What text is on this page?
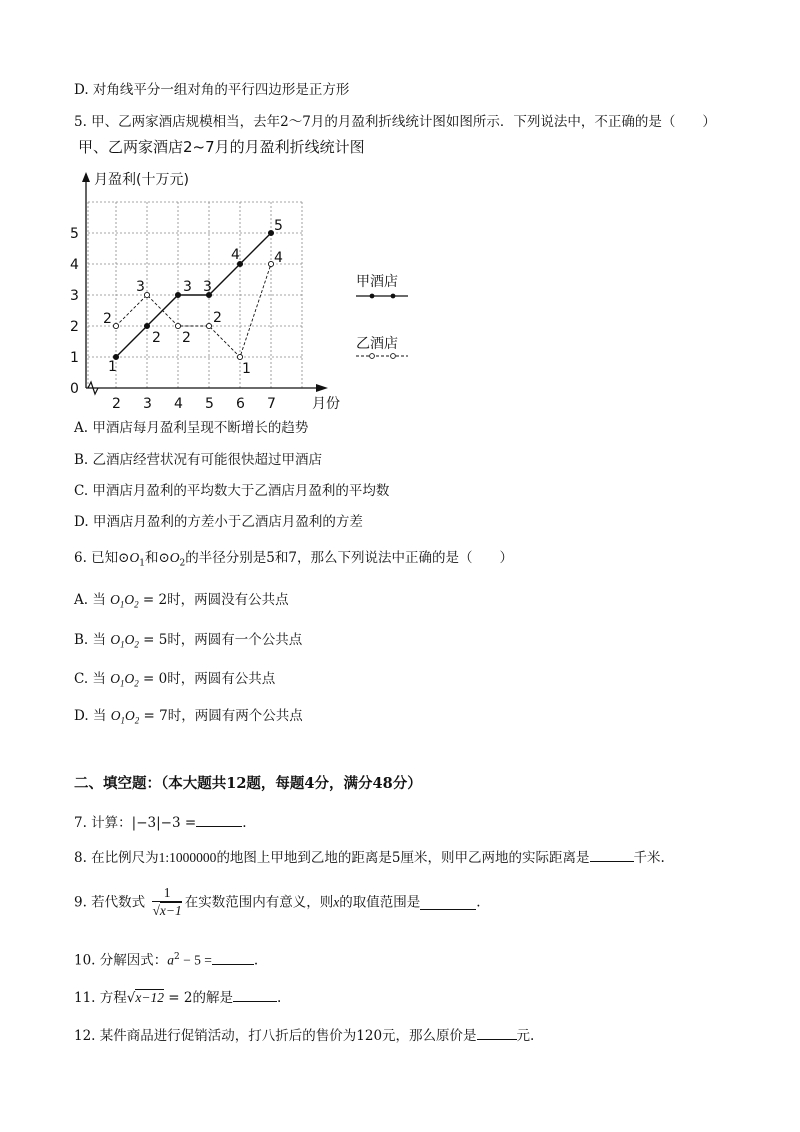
D. 对角线平分一组对角的平行四边形是正方形
5. 甲、乙两家酒店规模相当，去年2～7月的月盈利折线统计图如图所示．下列说法中，不正确的是（　　）
甲、乙两家酒店2~7月的月盈利折线统计图
月盈利(十万元)
月份
0
1
2
3
4
5
2 3 4 5 6 7
1
2
3 3
4
5
2
3
2
2
1
4
甲酒店
乙酒店
A. 甲酒店每月盈利呈现不断增长的趋势
B. 乙酒店经营状况有可能很快超过甲酒店
C. 甲酒店月盈利的平均数大于乙酒店月盈利的平均数
D. 甲酒店月盈利的方差小于乙酒店月盈利的方差
6. 已知$⊙O_1$和$⊙O_2$的半径分别是5和7，那么下列说法中正确的是（　　）
A. 当 $O_1O_2 = 2$时，两圆没有公共点
B. 当 $O_1O_2 = 5$时，两圆有一个公共点
C. 当 $O_1O_2 = 0$时，两圆有公共点
D. 当 $O_1O_2 = 7$时，两圆有两个公共点
二、填空题：（本大题共12题，每题4分，满分48分）
7. 计算：|−3|−3 =	.
8. 在比例尺为1:1000000的地图上甲地到乙地的距离是5厘米，则甲乙两地的实际距离是	千米.
9. 若代数式 $\frac{1}{√x-1}$ 在实数范围内有意义，则x的取值范围是	.
10. 分解因式：$a^2 - 5$ =	.
11. 方程√x−12 = 2的解是	.
12. 某件商品进行促销活动，打八折后的售价为120元，那么原价是	元.
